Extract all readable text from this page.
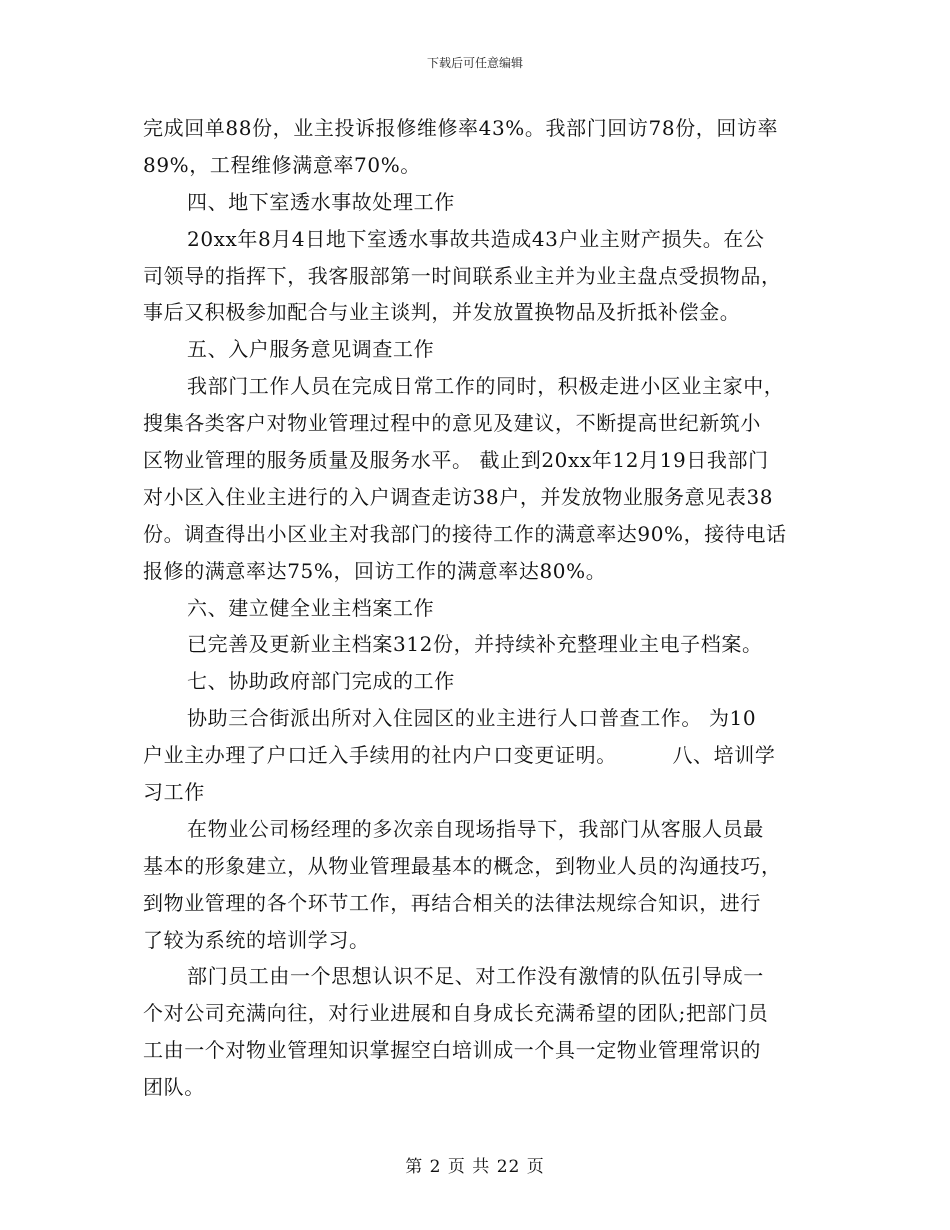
下载后可任意编辑
完成回单88份，业主投诉报修维修率43%。我部门回访78份，回访率
89%，工程维修满意率70%。
四、地下室透水事故处理工作
20xx年8月4日地下室透水事故共造成43户业主财产损失。在公
司领导的指挥下，我客服部第一时间联系业主并为业主盘点受损物品，
事后又积极参加配合与业主谈判，并发放置换物品及折抵补偿金。
五、入户服务意见调查工作
我部门工作人员在完成日常工作的同时，积极走进小区业主家中，
搜集各类客户对物业管理过程中的意见及建议，不断提高世纪新筑小
区物业管理的服务质量及服务水平。 截止到20xx年12月19日我部门
对小区入住业主进行的入户调查走访38户，并发放物业服务意见表38
份。调查得出小区业主对我部门的接待工作的满意率达90%，接待电话
报修的满意率达75%，回访工作的满意率达80%。
六、建立健全业主档案工作
已完善及更新业主档案312份，并持续补充整理业主电子档案。
七、协助政府部门完成的工作
协助三合街派出所对入住园区的业主进行人口普查工作。 为10
户业主办理了户口迁入手续用的社内户口变更证明。        八、培训学
习工作
在物业公司杨经理的多次亲自现场指导下，我部门从客服人员最
基本的形象建立，从物业管理最基本的概念，到物业人员的沟通技巧，
到物业管理的各个环节工作，再结合相关的法律法规综合知识，进行
了较为系统的培训学习。
部门员工由一个思想认识不足、对工作没有激情的队伍引导成一
个对公司充满向往，对行业进展和自身成长充满希望的团队;把部门员
工由一个对物业管理知识掌握空白培训成一个具一定物业管理常识的
团队。
第 2 页 共 22 页
